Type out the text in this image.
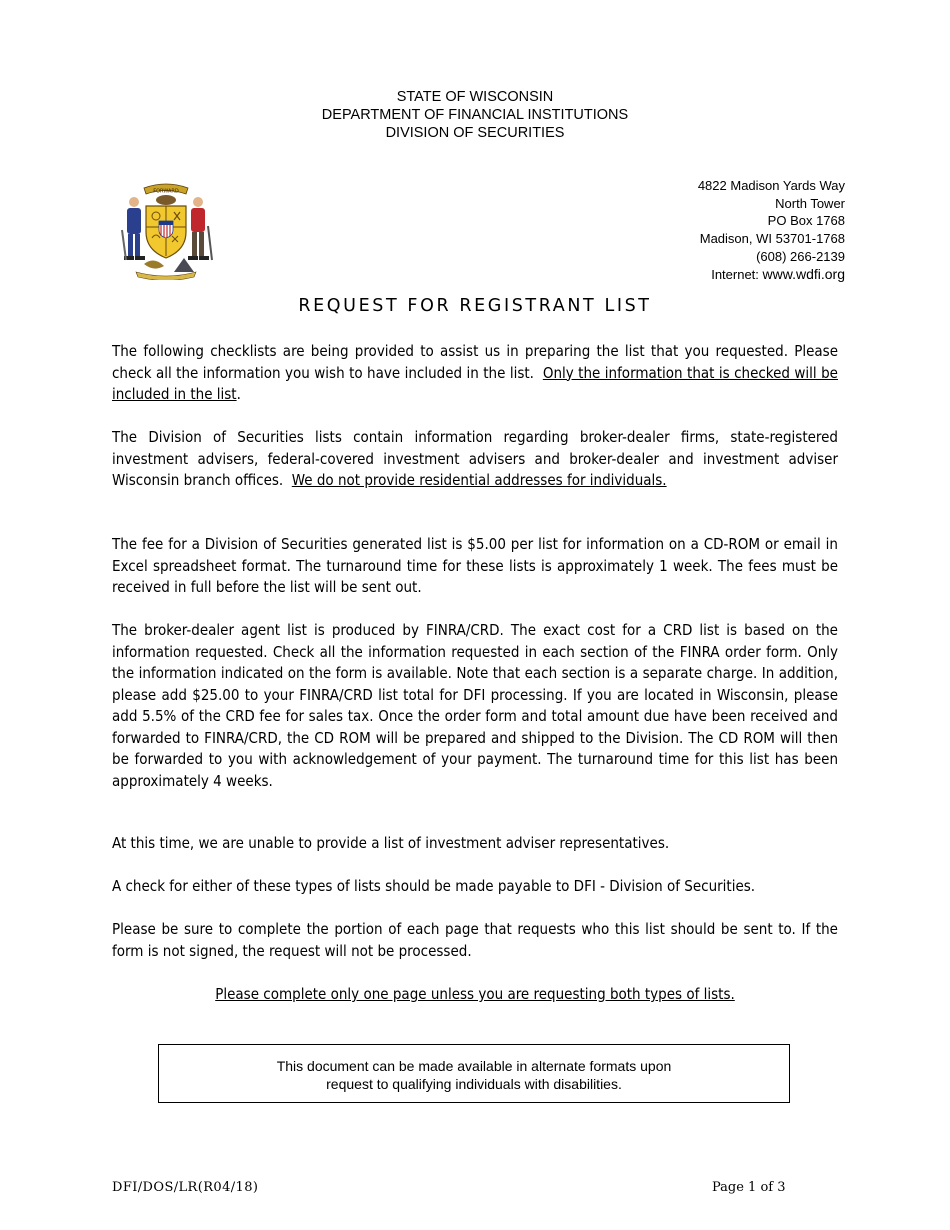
STATE OF WISCONSIN
DEPARTMENT OF FINANCIAL INSTITUTIONS
DIVISION OF SECURITIES
FORWARD	4822 Madison Yards Way
North Tower
PO Box 1768
Madison, WI 53701-1768
(608) 266-2139
Internet: www.wdfi.org
REQUEST FOR REGISTRANT LIST

The following checklists are being provided to assist us in preparing the list that you requested. Please check all the information you wish to have included in the list. Only the information that is checked will be included in the list.

The Division of Securities lists contain information regarding broker-dealer firms, state-registered investment advisers, federal-covered investment advisers and broker-dealer and investment adviser Wisconsin branch offices. We do not provide residential addresses for individuals.

The fee for a Division of Securities generated list is $5.00 per list for information on a CD-ROM or email in Excel spreadsheet format. The turnaround time for these lists is approximately 1 week. The fees must be received in full before the list will be sent out.

The broker-dealer agent list is produced by FINRA/CRD. The exact cost for a CRD list is based on the information requested. Check all the information requested in each section of the FINRA order form. Only the information indicated on the form is available. Note that each section is a separate charge. In addition, please add $25.00 to your FINRA/CRD list total for DFI processing. If you are located in Wisconsin, please add 5.5% of the CRD fee for sales tax. Once the order form and total amount due have been received and forwarded to FINRA/CRD, the CD ROM will be prepared and shipped to the Division. The CD ROM will then be forwarded to you with acknowledgement of your payment. The turnaround time for this list has been approximately 4 weeks.

At this time, we are unable to provide a list of investment adviser representatives.

A check for either of these types of lists should be made payable to DFI - Division of Securities.

Please be sure to complete the portion of each page that requests who this list should be sent to. If the form is not signed, the request will not be processed.

Please complete only one page unless you are requesting both types of lists.

This document can be made available in alternate formats upon
request to qualifying individuals with disabilities.
DFI/DOS/LR(R04/18)	Page 1 of 3
